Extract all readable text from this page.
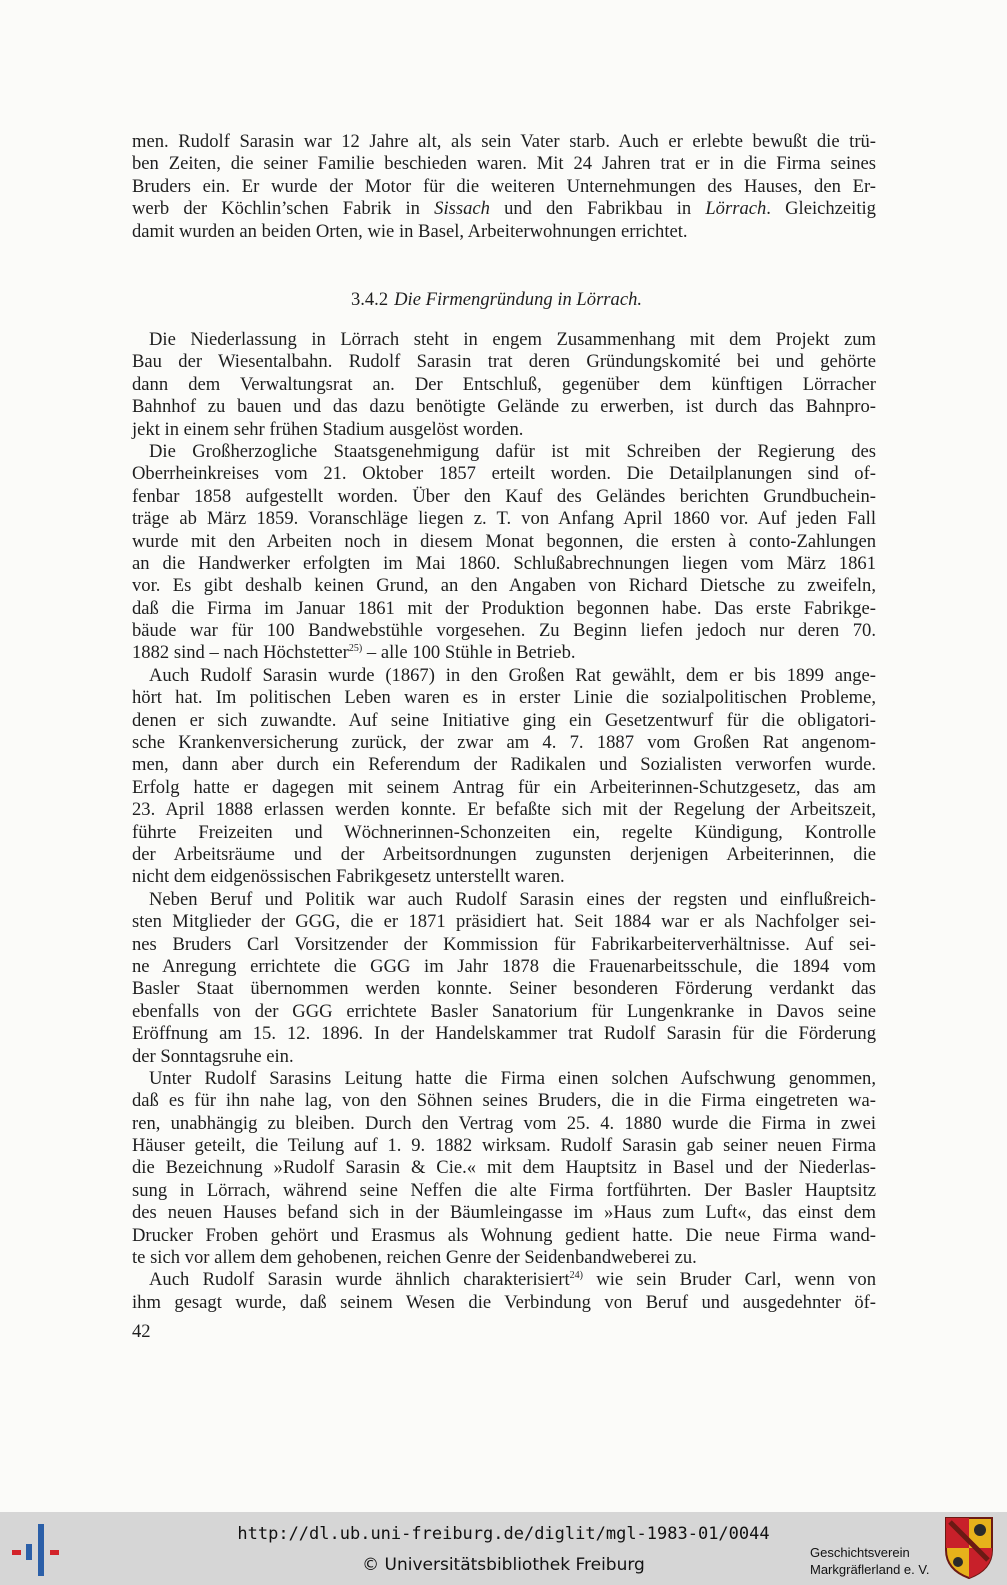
men. Rudolf Sarasin war 12 Jahre alt, als sein Vater starb. Auch er erlebte bewußt die trü-
ben Zeiten, die seiner Familie beschieden waren. Mit 24 Jahren trat er in die Firma seines
Bruders ein. Er wurde der Motor für die weiteren Unternehmungen des Hauses, den Er-
werb der Köchlin’schen Fabrik in Sissach und den Fabrikbau in Lörrach. Gleichzeitig
damit wurden an beiden Orten, wie in Basel, Arbeiterwohnungen errichtet.
3.4.2 Die Firmengründung in Lörrach.
Die Niederlassung in Lörrach steht in engem Zusammenhang mit dem Projekt zum
Bau der Wiesentalbahn. Rudolf Sarasin trat deren Gründungskomité bei und gehörte
dann dem Verwaltungsrat an. Der Entschluß, gegenüber dem künftigen Lörracher
Bahnhof zu bauen und das dazu benötigte Gelände zu erwerben, ist durch das Bahnpro-
jekt in einem sehr frühen Stadium ausgelöst worden.
Die Großherzogliche Staatsgenehmigung dafür ist mit Schreiben der Regierung des
Oberrheinkreises vom 21. Oktober 1857 erteilt worden. Die Detailplanungen sind of-
fenbar 1858 aufgestellt worden. Über den Kauf des Geländes berichten Grundbuchein-
träge ab März 1859. Voranschläge liegen z. T. von Anfang April 1860 vor. Auf jeden Fall
wurde mit den Arbeiten noch in diesem Monat begonnen, die ersten à conto-Zahlungen
an die Handwerker erfolgten im Mai 1860. Schlußabrechnungen liegen vom März 1861
vor. Es gibt deshalb keinen Grund, an den Angaben von Richard Dietsche zu zweifeln,
daß die Firma im Januar 1861 mit der Produktion begonnen habe. Das erste Fabrikge-
bäude war für 100 Bandwebstühle vorgesehen. Zu Beginn liefen jedoch nur deren 70.
1882 sind – nach Höchstetter$^{25)}$ – alle 100 Stühle in Betrieb.
Auch Rudolf Sarasin wurde (1867) in den Großen Rat gewählt, dem er bis 1899 ange-
hört hat. Im politischen Leben waren es in erster Linie die sozialpolitischen Probleme,
denen er sich zuwandte. Auf seine Initiative ging ein Gesetzentwurf für die obligatori-
sche Krankenversicherung zurück, der zwar am 4. 7. 1887 vom Großen Rat angenom-
men, dann aber durch ein Referendum der Radikalen und Sozialisten verworfen wurde.
Erfolg hatte er dagegen mit seinem Antrag für ein Arbeiterinnen-Schutzgesetz, das am
23. April 1888 erlassen werden konnte. Er befaßte sich mit der Regelung der Arbeitszeit,
führte Freizeiten und Wöchnerinnen-Schonzeiten ein, regelte Kündigung, Kontrolle
der Arbeitsräume und der Arbeitsordnungen zugunsten derjenigen Arbeiterinnen, die
nicht dem eidgenössischen Fabrikgesetz unterstellt waren.
Neben Beruf und Politik war auch Rudolf Sarasin eines der regsten und einflußreich-
sten Mitglieder der GGG, die er 1871 präsidiert hat. Seit 1884 war er als Nachfolger sei-
nes Bruders Carl Vorsitzender der Kommission für Fabrikarbeiterverhältnisse. Auf sei-
ne Anregung errichtete die GGG im Jahr 1878 die Frauenarbeitsschule, die 1894 vom
Basler Staat übernommen werden konnte. Seiner besonderen Förderung verdankt das
ebenfalls von der GGG errichtete Basler Sanatorium für Lungenkranke in Davos seine
Eröffnung am 15. 12. 1896. In der Handelskammer trat Rudolf Sarasin für die Förderung
der Sonntagsruhe ein.
Unter Rudolf Sarasins Leitung hatte die Firma einen solchen Aufschwung genommen,
daß es für ihn nahe lag, von den Söhnen seines Bruders, die in die Firma eingetreten wa-
ren, unabhängig zu bleiben. Durch den Vertrag vom 25. 4. 1880 wurde die Firma in zwei
Häuser geteilt, die Teilung auf 1. 9. 1882 wirksam. Rudolf Sarasin gab seiner neuen Firma
die Bezeichnung »Rudolf Sarasin & Cie.« mit dem Hauptsitz in Basel und der Niederlas-
sung in Lörrach, während seine Neffen die alte Firma fortführten. Der Basler Hauptsitz
des neuen Hauses befand sich in der Bäumleingasse im »Haus zum Luft«, das einst dem
Drucker Froben gehört und Erasmus als Wohnung gedient hatte. Die neue Firma wand-
te sich vor allem dem gehobenen, reichen Genre der Seidenbandweberei zu.
Auch Rudolf Sarasin wurde ähnlich charakterisiert$^{24)}$ wie sein Bruder Carl, wenn von
ihm gesagt wurde, daß seinem Wesen die Verbindung von Beruf und ausgedehnter öf-
42
http://dl.ub.uni-freiburg.de/diglit/mgl-1983-01/0044
© Universitätsbibliothek Freiburg
Geschichtsverein
Markgräflerland e. V.
